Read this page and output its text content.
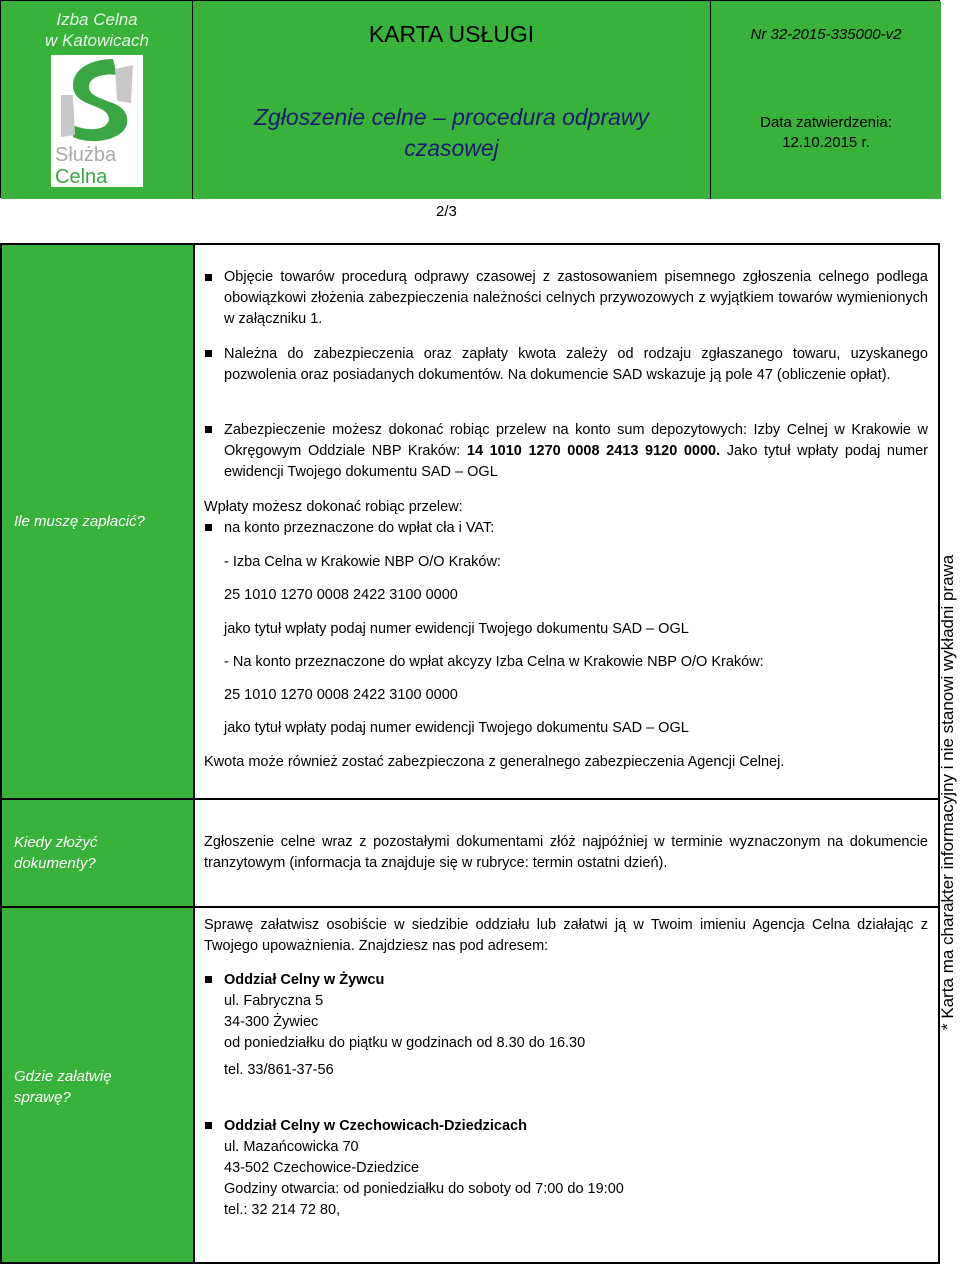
Izba Celna
w Katowicach
Służba
Celna
KARTA USŁUGI	Nr 32-2015-335000-v2
Zgłoszenie celne – procedura odprawy czasowej
Data zatwierdzenia:
12.10.2015 r.
2/3
Ile muszę zapłacić?
Kiedy złożyć
dokumenty?
Gdzie załatwię
sprawę?
Objęcie towarów procedurą odprawy czasowej z zastosowaniem pisemnego zgłoszenia celnego podlega obowiązkowi złożenia zabezpieczenia należności celnych przywozowych z wyjątkiem towarów wymienionych w załączniku 1.
Należna do zabezpieczenia oraz zapłaty kwota zależy od rodzaju zgłaszanego towaru, uzyskanego pozwolenia oraz posiadanych dokumentów. Na dokumencie SAD wskazuje ją pole 47 (obliczenie opłat).
Zabezpieczenie możesz dokonać robiąc przelew na konto sum depozytowych: Izby Celnej w Krakowie w Okręgowym Oddziale NBP Kraków: 14 1010 1270 0008 2413 9120 0000. Jako tytuł wpłaty podaj numer ewidencji Twojego dokumentu SAD – OGL
Wpłaty możesz dokonać robiąc przelew:
na konto przeznaczone do wpłat cła i VAT:
- Izba Celna w Krakowie NBP O/O Kraków:
25 1010 1270 0008 2422 3100 0000
jako tytuł wpłaty podaj numer ewidencji Twojego dokumentu SAD – OGL
- Na konto przeznaczone do wpłat akcyzy Izba Celna w Krakowie NBP O/O Kraków:
25 1010 1270 0008 2422 3100 0000
jako tytuł wpłaty podaj numer ewidencji Twojego dokumentu SAD – OGL
Kwota może również zostać zabezpieczona z generalnego zabezpieczenia Agencji Celnej.
Zgłoszenie celne wraz z pozostałymi dokumentami złóż najpóźniej w terminie wyznaczonym na dokumencie tranzytowym (informacja ta znajduje się w rubryce: termin ostatni dzień).
Sprawę załatwisz osobiście w siedzibie oddziału lub załatwi ją w Twoim imieniu Agencja Celna działając z Twojego upoważnienia. Znajdziesz nas pod adresem:
Oddział Celny w Żywcu
ul. Fabryczna 5
34-300 Żywiec
od poniedziałku do piątku w godzinach od 8.30 do 16.30
tel. 33/861-37-56
Oddział Celny w Czechowicach-Dziedzicach
ul. Mazańcowicka 70
43-502 Czechowice-Dziedzice
Godziny otwarcia: od poniedziałku do soboty od 7:00 do 19:00
tel.: 32 214 72 80,
* Karta ma charakter informacyjny i nie stanowi wykładni prawa
